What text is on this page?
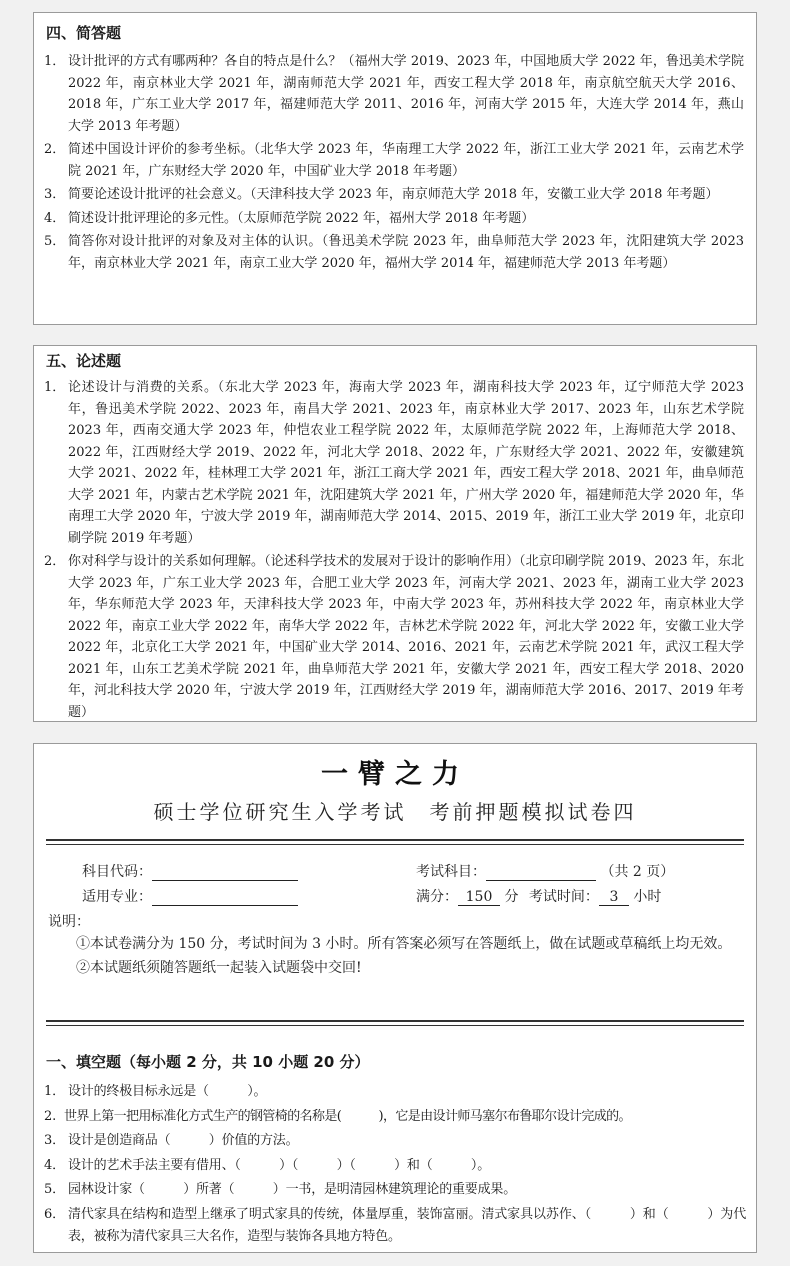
四、简答题
1． 设计批评的方式有哪两种？各自的特点是什么？（福州大学 2019、2023 年，中国地质大学 2022 年，鲁迅美术学院 2022 年，南京林业大学 2021 年，湖南师范大学 2021 年，西安工程大学 2018 年，南京航空航天大学 2016、2018 年，广东工业大学 2017 年，福建师范大学 2011、2016 年，河南大学 2015 年，大连大学 2014 年，燕山大学 2013 年考题）
2． 简述中国设计评价的参考坐标。（北华大学 2023 年，华南理工大学 2022 年，浙江工业大学 2021 年，云南艺术学院 2021 年，广东财经大学 2020 年，中国矿业大学 2018 年考题）
3． 简要论述设计批评的社会意义。（天津科技大学 2023 年，南京师范大学 2018 年，安徽工业大学 2018 年考题）
4． 简述设计批评理论的多元性。（太原师范学院 2022 年，福州大学 2018 年考题）
5． 简答你对设计批评的对象及对主体的认识。（鲁迅美术学院 2023 年，曲阜师范大学 2023 年，沈阳建筑大学 2023 年，南京林业大学 2021 年，南京工业大学 2020 年，福州大学 2014 年，福建师范大学 2013 年考题）
五、论述题
1． 论述设计与消费的关系。（东北大学 2023 年，海南大学 2023 年，湖南科技大学 2023 年，辽宁师范大学 2023 年，鲁迅美术学院 2022、2023 年，南昌大学 2021、2023 年，南京林业大学 2017、2023 年，山东艺术学院 2023 年，西南交通大学 2023 年，仲恺农业工程学院 2022 年，太原师范学院 2022 年，上海师范大学 2018、2022 年，江西财经大学 2019、2022 年，河北大学 2018、2022 年，广东财经大学 2021、2022 年，安徽建筑大学 2021、2022 年，桂林理工大学 2021 年，浙江工商大学 2021 年，西安工程大学 2018、2021 年，曲阜师范大学 2021 年，内蒙古艺术学院 2021 年，沈阳建筑大学 2021 年，广州大学 2020 年，福建师范大学 2020 年，华南理工大学 2020 年，宁波大学 2019 年，湖南师范大学 2014、2015、2019 年，浙江工业大学 2019 年，北京印刷学院 2019 年考题）
2． 你对科学与设计的关系如何理解。（论述科学技术的发展对于设计的影响作用）（北京印刷学院 2019、2023 年，东北大学 2023 年，广东工业大学 2023 年，合肥工业大学 2023 年，河南大学 2021、2023 年，湖南工业大学 2023 年，华东师范大学 2023 年，天津科技大学 2023 年，中南大学 2023 年，苏州科技大学 2022 年，南京林业大学 2022 年，南京工业大学 2022 年，南华大学 2022 年，吉林艺术学院 2022 年，河北大学 2022 年，安徽工业大学 2022 年，北京化工大学 2021 年，中国矿业大学 2014、2016、2021 年，云南艺术学院 2021 年，武汉工程大学 2021 年，山东工艺美术学院 2021 年，曲阜师范大学 2021 年，安徽大学 2021 年，西安工程大学 2018、2020 年，河北科技大学 2020 年，宁波大学 2019 年，江西财经大学 2019 年，湖南师范大学 2016、2017、2019 年考题）
一臂之力
硕士学位研究生入学考试　考前押题模拟试卷四
科目代码：	考试科目：	（共 2 页）
适用专业：	满分： 150 分 考试时间： 3 小时

说明：

①本试卷满分为 150 分，考试时间为 3 小时。所有答案必须写在答题纸上，做在试题或草稿纸上均无效。

②本试题纸须随答题纸一起装入试题袋中交回!

一、填空题（每小题 2 分，共 10 小题 20 分）
1． 设计的终极目标永远是（　　　）。
2. 世界上第一把用标准化方式生产的钢管椅的名称是(　　　)，它是由设计师马塞尔布鲁耶尔设计完成的。
3． 设计是创造商品（　　　）价值的方法。
4． 设计的艺术手法主要有借用、（　　　）（　　　）（　　　）和（　　　）。
5． 园林设计家（　　　）所著（　　　）一书，是明清园林建筑理论的重要成果。
6． 清代家具在结构和造型上继承了明式家具的传统，体量厚重，装饰富丽。清式家具以苏作、（　　　）和（　　　）为代表，被称为清代家具三大名作，造型与装饰各具地方特色。
